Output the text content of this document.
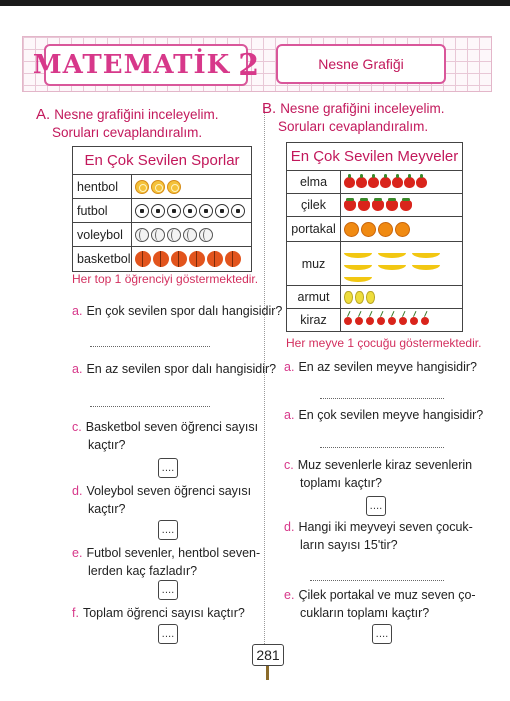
MATEMATİK 2	Nesne Grafiği
A. Nesne grafiğini inceleyelim.
Soruları cevaplandıralım.
En Çok Sevilen Sporlar	
hentbol	
futbol	
voleybol	
basketbol	
Her top 1 öğrenciyi göstermektedir.
a. En çok sevilen spor dalı hangisidir?
a. En az sevilen spor dalı hangisidir?
c. Basketbol seven öğrenci sayısı
kaçtır?
....
d. Voleybol seven öğrenci sayısı
kaçtır?
....
e. Futbol sevenler, hentbol seven-
lerden kaç fazladır?
....
f. Toplam öğrenci sayısı kaçtır?
....
B. Nesne grafiğini inceleyelim.
Soruları cevaplandıralım.
En Çok Sevilen Meyveler	
elma	
çilek	
portakal	
muz	
armut	
kiraz	
Her meyve 1 çocuğu göstermektedir.
a. En az sevilen meyve hangisidir?
a. En çok sevilen meyve hangisidir?
c. Muz sevenlerle kiraz sevenlerin
toplamı kaçtır?
....
d. Hangi iki meyveyi seven çocuk-
ların sayısı 15'tir?
e. Çilek portakal ve muz seven ço-
cukların toplamı kaçtır?
....
281
